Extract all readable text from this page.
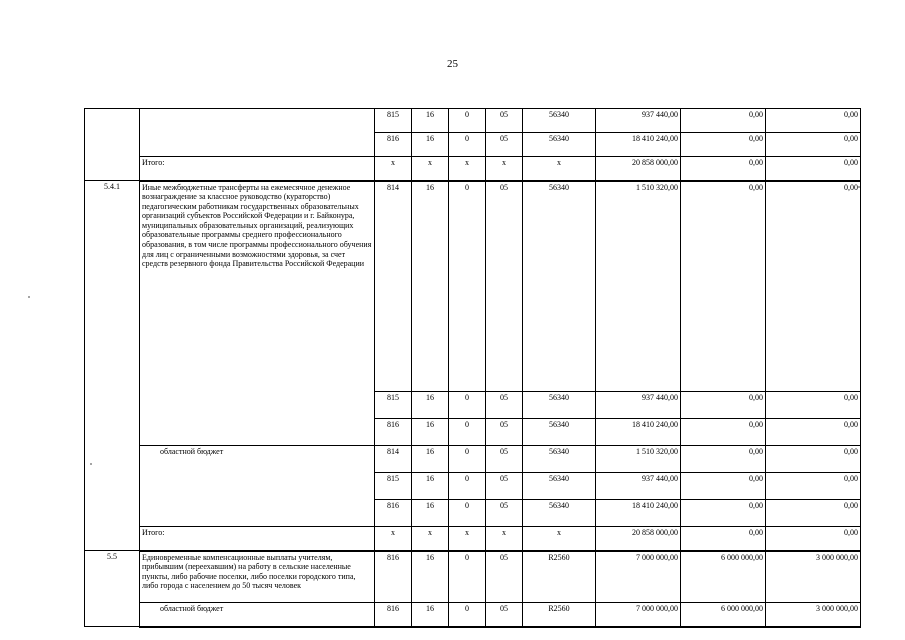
25
		815	16	0	05	56340	937 440,00	0,00	0,00
		816	16	0	05	56340	18 410 240,00	0,00	0,00
	Итого:	х	х	х	х	х	20 858 000,00	0,00	0,00
5.4.1	Иные межбюджетные трансферты на ежемесячное денежное вознаграждение за классное руководство (кураторство) педагогическим работникам государственных образовательных организаций субъектов Российской Федерации и г. Байконура, муниципальных образовательных организаций, реализующих образовательные программы среднего профессионального образования, в том числе программы профессионального обучения для лиц с ограниченными возможностями здоровья, за счет средств резервного фонда Правительства Российской Федерации	814	16	0	05	56340	1 510 320,00	0,00	0,00
		815	16	0	05	56340	937 440,00	0,00	0,00
		816	16	0	05	56340	18 410 240,00	0,00	0,00
	областной бюджет	814	16	0	05	56340	1 510 320,00	0,00	0,00
		815	16	0	05	56340	937 440,00	0,00	0,00
		816	16	0	05	56340	18 410 240,00	0,00	0,00
	Итого:	х	х	х	х	х	20 858 000,00	0,00	0,00
5.5	Единовременные компенсационные выплаты учителям, прибывшим (переехавшим) на работу в сельские населенные пункты, либо рабочие поселки, либо поселки городского типа, либо города с населением до 50 тысяч человек	816	16	0	05	R2560	7 000 000,00	6 000 000,00	3 000 000,00
	областной бюджет	816	16	0	05	R2560	7 000 000,00	6 000 000,00	3 000 000,00
